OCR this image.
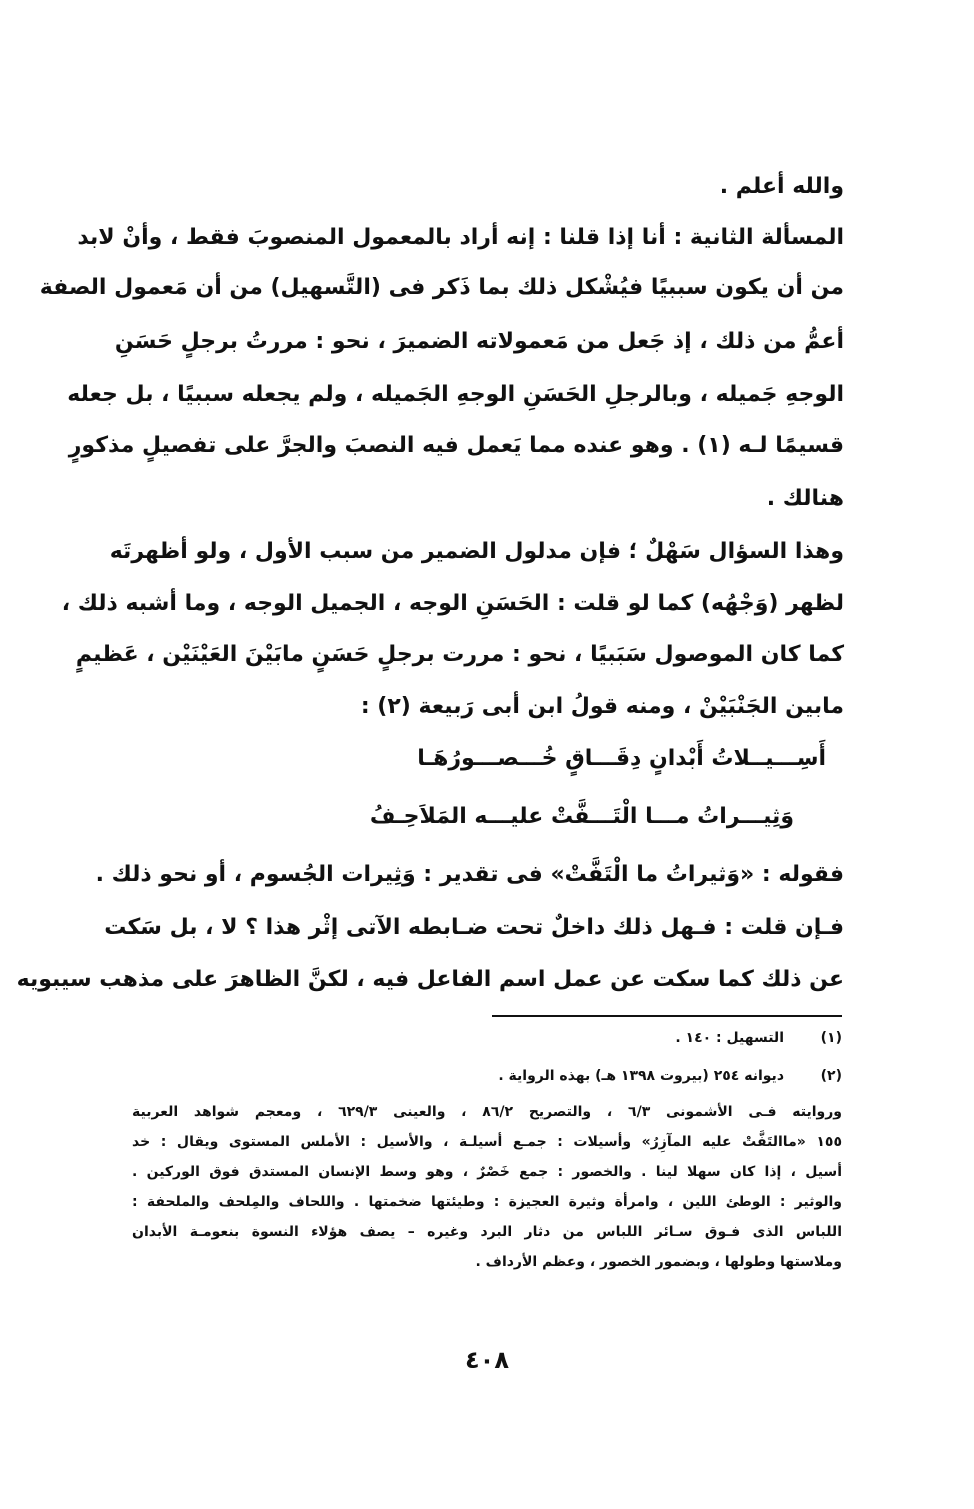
والله أعلم .
المسألة الثانية : أنا إذا قلنا : إنه أراد بالمعمول المنصوبَ فقط ، وأنْ لابد
من أن يكون سببيًا فيُشْكل ذلك بما ذَكر فى (التَّسهيل) من أن مَعمول الصفة
أعمُّ من ذلك ، إذ جَعل من مَعمولاته الضميرَ ، نحو : مررتُ برجلٍ حَسَنِ
الوجهِ جَميله ، وبالرجلِ الحَسَنِ الوجهِ الجَميله ، ولم يجعله سببيًا ، بل جعله
قسيمًا لـه (١) . وهو عنده مما يَعمل فيه النصبَ والجرَّ على تفصيلٍ مذكورٍ
هنالك .
وهذا السؤال سَهْلٌ ؛ فإن مدلول الضمير من سبب الأول ، ولو أظهرتَه
لظهر (وَجْهُه) كما لو قلت : الحَسَنِ الوجه ، الجميل الوجه ، وما أشبه ذلك ،
كما كان الموصول سَبَبيًا ، نحو : مررت برجلٍ حَسَنٍ مابَيْنَ العَيْنَيْن ، عَظيمٍ
مابين الجَنْبَيْنْ ، ومنه قولُ ابن أبى رَبيعة (٢) :
أَسِـــيــلاتُ أَبْدانٍ دِقَـــاقٍ خُـــصـــورُهَـا
وَثِيـــراتُ مـــا الْتَـــفَّتْ عليـــه المَلاَحِـفُ
فقوله : «وَثيراتُ ما الْتَفَّتْ» فى تقدير : وَثِيرات الجُسوم ، أو نحو ذلك .
فـإن قلت : فـهل ذلك داخلٌ تحت ضـابطه الآتى إثْر هذا ؟ لا ، بل سَكت
عن ذلك كما سكت عن عمل اسم الفاعل فيه ، لكنَّ الظاهرَ على مذهب سيبويه
(١)
التسهيل : ١٤٠ .
(٢)
ديوانه ٢٥٤ (بيروت ١٣٩٨ هـ) بهذه الرواية .
وروايته فـى الأشمونى ٦/٣ ، والتصريح ٨٦/٢ ، والعينى ٦٢٩/٣ ، ومعجم شواهد العربية
١٥٥ «ماالتَفَّتْ عليه المآزِرُ» وأسيلات : جمـع أسيلـة ، والأسيل : الأملس المستوى ويقال : خد
أسيل ، إذا كان سهلا لينا . والخصور : جمع خَصْرٌ ، وهو وسط الإنسان المستدق فوق الوركين .
والوثير : الوطئ اللين ، وامرأة وثيرة العجيزة : وطيئتها ضخمتها . واللحاف والمِلحف والملحفة :
اللباس الذى فـوق سـائر اللباس من دثار البرد وغيره – يصف هؤلاء النسوة بنعومـة الأبدان
وملاستها وطولها ، وبضمور الخصور ، وعظم الأرداف .
٤٠٨
